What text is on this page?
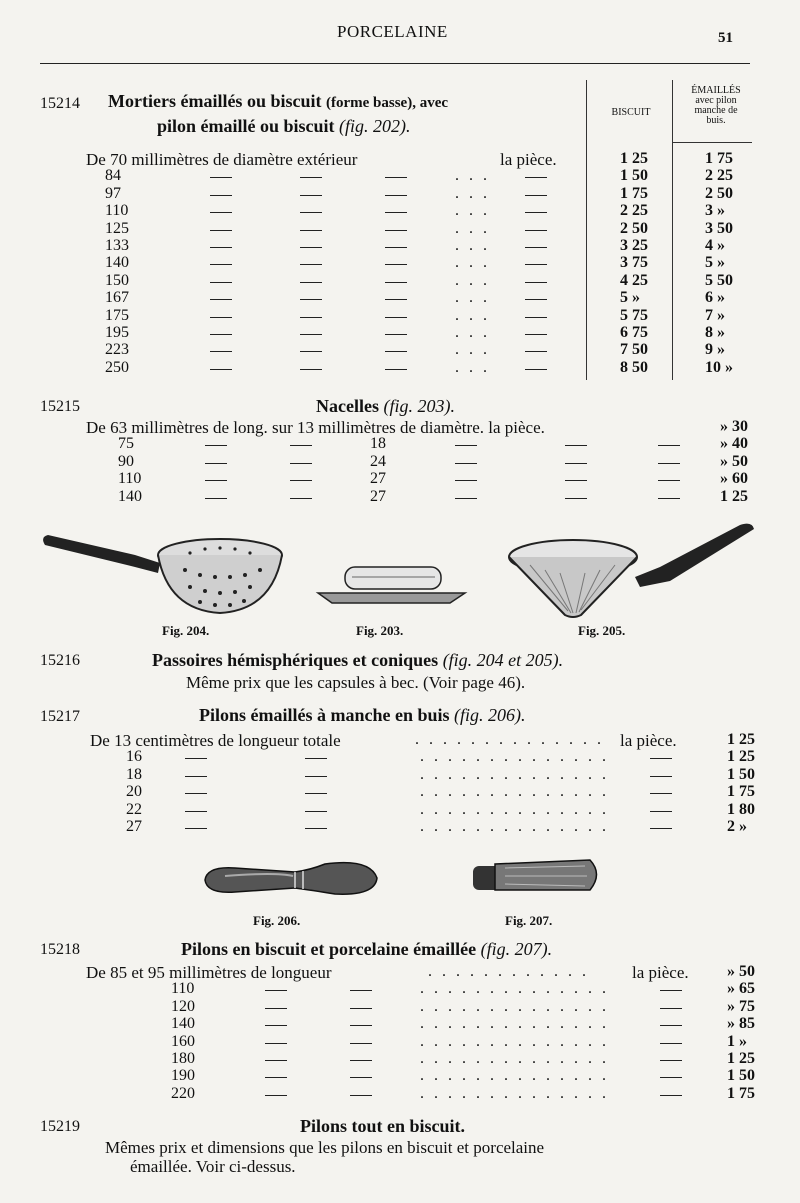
PORCELAINE	51
15214 Mortiers émaillés ou biscuit (forme basse), avec
pilon émaillé ou biscuit (fig. 202).
BISCUIT
ÉMAILLÉS avec pilon manche de buis.
De 70 millimètres de diamètre extérieur	la pièce.
15215	Nacelles (fig. 203).
De 63 millimètres de long. sur 13 millimètres de diamètre. la pièce.
Fig. 204.	Fig. 203.	Fig. 205.
15216	Passoires hémisphériques et coniques (fig. 204 et 205).
Même prix que les capsules à bec. (Voir page 46).
15217	Pilons émaillés à manche en buis (fig. 206).
De 13 centimètres de longueur totale	la pièce.
Fig. 206.	Fig. 207.
15218	Pilons en biscuit et porcelaine émaillée (fig. 207).
De 85 et 95 millimètres de longueur	la pièce.
15219	Pilons tout en biscuit.
Mêmes prix et dimensions que les pilons en biscuit et porcelaine
émaillée. Voir ci-dessus.
1 25	1 75
84	. . .	1 50	2 25
97	. . .	1 75	2 50
110	. . .	2 25	3 »
125	. . .	2 50	3 50
133	. . .	3 25	4 »
140	. . .	3 75	5 »
150	. . .	4 25	5 50
167	. . .	5 »	6 »
175	. . .	5 75	7 »
195	. . .	6 75	8 »
223	. . .	7 50	9 »
250	. . .	8 50	10 »
» 30
75	18	» 40
90	24	» 50
110	27	» 60
140	27	1 25
. . . . . . . . . . . . . .	1 25
16	. . . . . . . . . . . . . .	1 25
18	. . . . . . . . . . . . . .	1 50
20	. . . . . . . . . . . . . .	1 75
22	. . . . . . . . . . . . . .	1 80
27	. . . . . . . . . . . . . .	2 »
. . . . . . . . . . . .	» 50
110	. . . . . . . . . . . . . .	» 65
120	. . . . . . . . . . . . . .	» 75
140	. . . . . . . . . . . . . .	» 85
160	. . . . . . . . . . . . . .	1 »
180	. . . . . . . . . . . . . .	1 25
190	. . . . . . . . . . . . . .	1 50
220	. . . . . . . . . . . . . .	1 75
